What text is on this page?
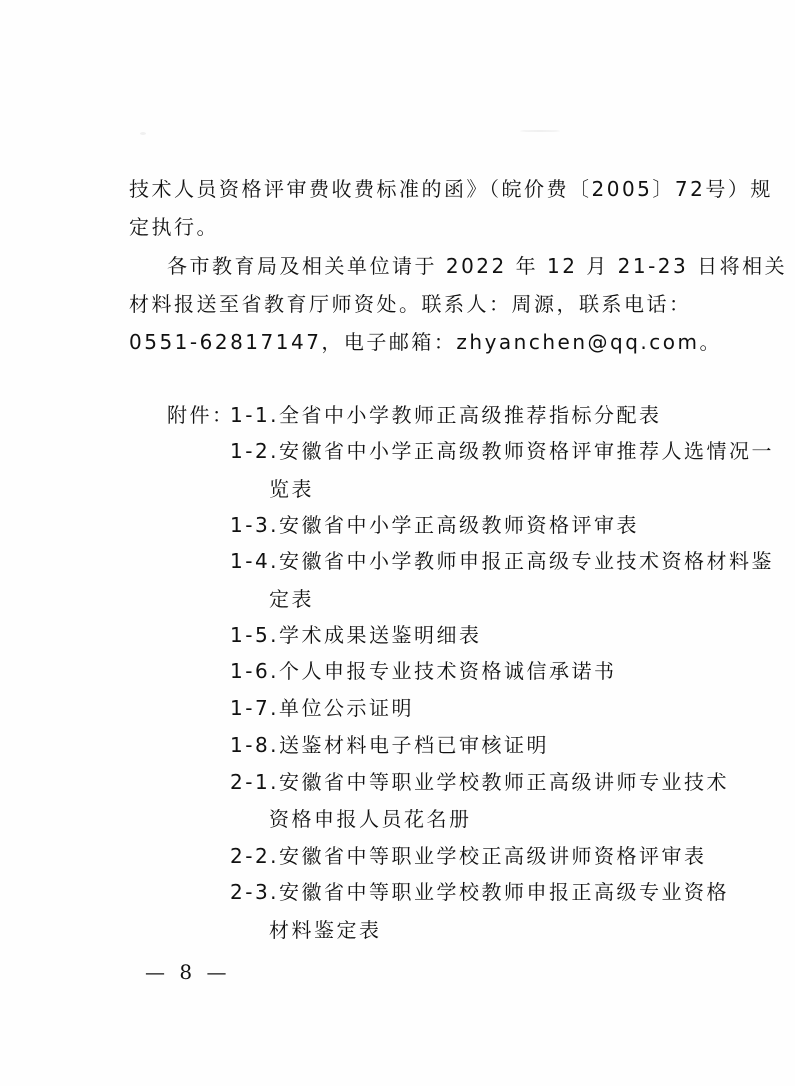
技术人员资格评审费收费标准的函》（皖价费〔2005〕72号）规
定执行。
各市教育局及相关单位请于 2022 年 12 月 21-23 日将相关
材料报送至省教育厅师资处。联系人：周源，联系电话：
0551-62817147，电子邮箱：zhyanchen@qq.com。
附件：
1-1.全省中小学教师正高级推荐指标分配表
1-2.安徽省中小学正高级教师资格评审推荐人选情况一
览表
1-3.安徽省中小学正高级教师资格评审表
1-4.安徽省中小学教师申报正高级专业技术资格材料鉴
定表
1-5.学术成果送鉴明细表
1-6.个人申报专业技术资格诚信承诺书
1-7.单位公示证明
1-8.送鉴材料电子档已审核证明
2-1.安徽省中等职业学校教师正高级讲师专业技术
资格申报人员花名册
2-2.安徽省中等职业学校正高级讲师资格评审表
2-3.安徽省中等职业学校教师申报正高级专业资格
材料鉴定表
— 8 —
